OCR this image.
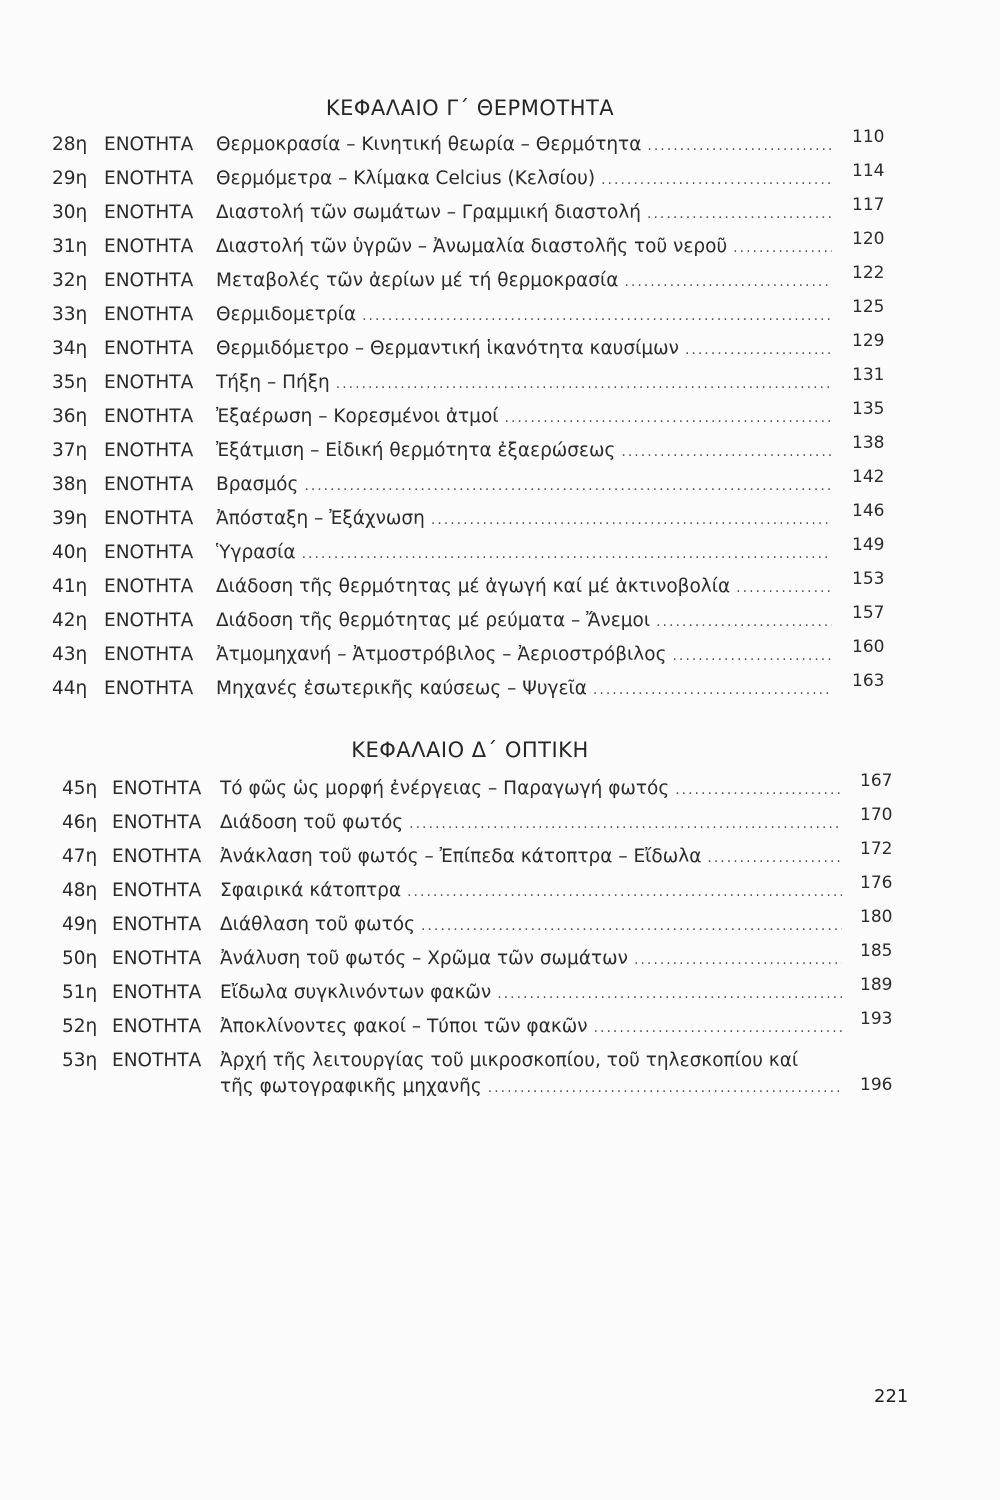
ΚΕΦΑΛΑΙΟ Γ΄ ΘΕΡΜΟΤΗΤΑ
28η ΕΝΟΤΗΤΑ Θερμοκρασία – Κινητική θεωρία – Θερμότητα .....	110
29η ΕΝΟΤΗΤΑ Θερμόμετρα – Κλίμακα Celcius (Κελσίου) .....	114
30η ΕΝΟΤΗΤΑ Διαστολή τῶν σωμάτων – Γραμμική διαστολή .....	117
31η ΕΝΟΤΗΤΑ Διαστολή τῶν ὑγρῶν – Ἀνωμαλία διαστολῆς τοῦ νεροῦ .....	120
32η ΕΝΟΤΗΤΑ Μεταβολές τῶν ἀερίων μέ τή θερμοκρασία .....	122
33η ΕΝΟΤΗΤΑ Θερμιδομετρία .....	125
34η ΕΝΟΤΗΤΑ Θερμιδόμετρο – Θερμαντική ἱκανότητα καυσίμων .....	129
35η ΕΝΟΤΗΤΑ Τήξη – Πήξη .....	131
36η ΕΝΟΤΗΤΑ Ἐξαέρωση – Κορεσμένοι ἀτμοί .....	135
37η ΕΝΟΤΗΤΑ Ἐξάτμιση – Εἰδική θερμότητα ἐξαερώσεως .....	138
38η ΕΝΟΤΗΤΑ Βρασμός .....	142
39η ΕΝΟΤΗΤΑ Ἀπόσταξη – Ἐξάχνωση .....	146
40η ΕΝΟΤΗΤΑ Ὑγρασία .....	149
41η ΕΝΟΤΗΤΑ Διάδοση τῆς θερμότητας μέ ἀγωγή καί μέ ἀκτινοβολία .....	153
42η ΕΝΟΤΗΤΑ Διάδοση τῆς θερμότητας μέ ρεύματα – Ἄνεμοι .....	157
43η ΕΝΟΤΗΤΑ Ἀτμομηχανή – Ἀτμοστρόβιλος – Ἀεριοστρόβιλος .....	160
44η ΕΝΟΤΗΤΑ Μηχανές ἐσωτερικῆς καύσεως – Ψυγεῖα .....	163
ΚΕΦΑΛΑΙΟ Δ΄ ΟΠΤΙΚΗ
45η ΕΝΟΤΗΤΑ Τό φῶς ὡς μορφή ἐνέργειας – Παραγωγή φωτός .....	167
46η ΕΝΟΤΗΤΑ Διάδοση τοῦ φωτός .....	170
47η ΕΝΟΤΗΤΑ Ἀνάκλαση τοῦ φωτός – Ἐπίπεδα κάτοπτρα – Εἴδωλα .....	172
48η ΕΝΟΤΗΤΑ Σφαιρικά κάτοπτρα .....	176
49η ΕΝΟΤΗΤΑ Διάθλαση τοῦ φωτός .....	180
50η ΕΝΟΤΗΤΑ Ἀνάλυση τοῦ φωτός – Χρῶμα τῶν σωμάτων .....	185
51η ΕΝΟΤΗΤΑ Εἴδωλα συγκλινόντων φακῶν .....	189
52η ΕΝΟΤΗΤΑ Ἀποκλίνοντες φακοί – Τύποι τῶν φακῶν .....	193
53η ΕΝΟΤΗΤΑ Ἀρχή τῆς λειτουργίας τοῦ μικροσκοπίου, τοῦ τηλεσκοπίου καί
τῆς φωτογραφικῆς μηχανῆς .....	196
221
